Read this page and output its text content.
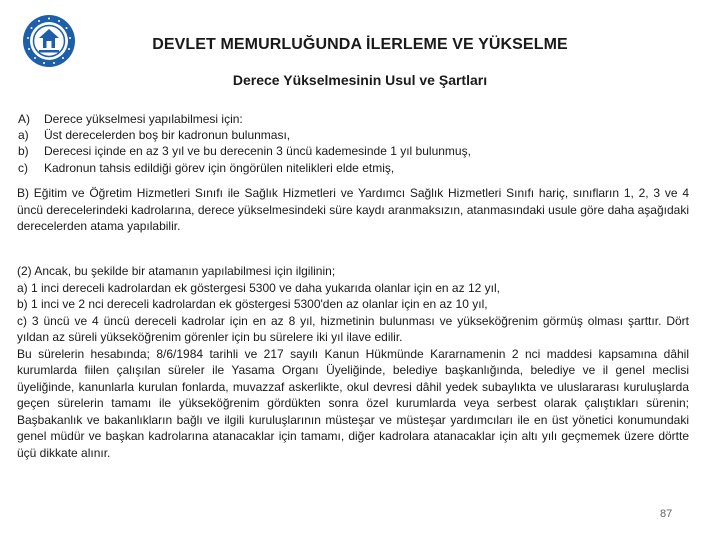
DEVLET MEMURLUĞUNDA İLERLEME VE YÜKSELME
Derece Yükselmesinin Usul ve Şartları
A)	Derece yükselmesi yapılabilmesi için:
a)	Üst derecelerden boş bir kadronun bulunması,
b)	Derecesi içinde en az 3 yıl ve bu derecenin 3 üncü kademesinde 1 yıl bulunmuş,
c)	Kadronun tahsis edildiği görev için öngörülen nitelikleri elde etmiş,

B) Eğitim ve Öğretim Hizmetleri Sınıfı ile Sağlık Hizmetleri ve Yardımcı Sağlık Hizmetleri Sınıfı hariç, sınıfların 1, 2, 3 ve 4 üncü derecelerindeki kadrolarına, derece yükselmesindeki süre kaydı aranmaksızın, atanmasındaki usule göre daha aşağıdaki derecelerden atama yapılabilir.

(2) Ancak, bu şekilde bir atamanın yapılabilmesi için ilgilinin;
a) 1 inci dereceli kadrolardan ek göstergesi 5300 ve daha yukarıda olanlar için en az 12 yıl,
b) 1 inci ve 2 nci dereceli kadrolardan ek göstergesi 5300'den az olanlar için en az 10 yıl,
c) 3 üncü ve 4 üncü dereceli kadrolar için en az 8 yıl, hizmetinin bulunması ve yükseköğrenim görmüş olması şarttır. Dört yıldan az süreli yükseköğrenim görenler için bu sürelere iki yıl ilave edilir.
Bu sürelerin hesabında; 8/6/1984 tarihli ve 217 sayılı Kanun Hükmünde Kararnamenin 2 nci maddesi kapsamına dâhil kurumlarda fiilen çalışılan süreler ile Yasama Organı Üyeliğinde, belediye başkanlığında, belediye ve il genel meclisi üyeliğinde, kanunlarla kurulan fonlarda, muvazzaf askerlikte, okul devresi dâhil yedek subaylıkta ve uluslararası kuruluşlarda geçen sürelerin tamamı ile yükseköğrenim gördükten sonra özel kurumlarda veya serbest olarak çalıştıkları sürenin; Başbakanlık ve bakanlıkların bağlı ve ilgili kuruluşlarının müsteşar ve müsteşar yardımcıları ile en üst yönetici konumundaki genel müdür ve başkan kadrolarına atanacaklar için tamamı, diğer kadrolara atanacaklar için altı yılı geçmemek üzere dörtte üçü dikkate alınır.
87
